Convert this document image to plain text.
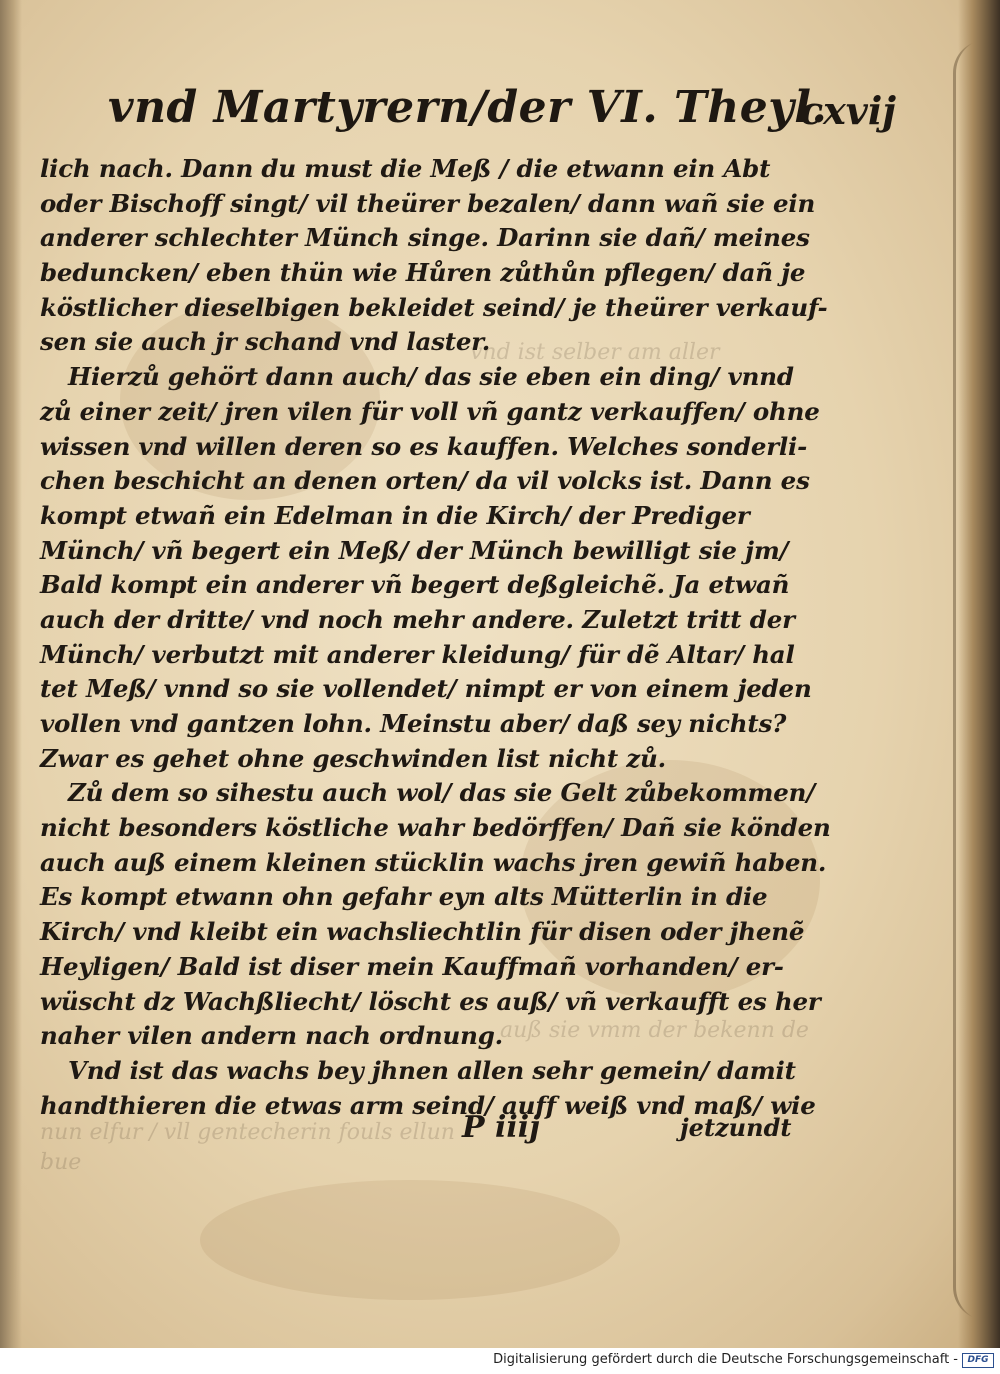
vnd ist selber am aller
auß sie vmm der bekenn de
nun elfur / vll gentecherin fouls ellun
bue
vnd Martyrern/der VI. Theyl.
cxvij
lich nach. Dann du must die Meß / die etwann ein Abt
oder Bischoff singt/ vil theürer bezalen/ dann wañ sie ein
anderer schlechter Münch singe. Darinn sie dañ/ meines
beduncken/ eben thün wie Hůren zůthůn pflegen/ dañ je
köstlicher dieselbigen bekleidet seind/ je theürer verkauf-
sen sie auch jr schand vnd laster.
Hierzů gehört dann auch/ das sie eben ein ding/ vnnd
zů einer zeit/ jren vilen für voll vñ gantz verkauffen/ ohne
wissen vnd willen deren so es kauffen. Welches sonderli-
chen beschicht an denen orten/ da vil volcks ist. Dann es
kompt etwañ ein Edelman in die Kirch/ der Prediger
Münch/ vñ begert ein Meß/ der Münch bewilligt sie jm/
Bald kompt ein anderer vñ begert deßgleichẽ. Ja etwañ
auch der dritte/ vnd noch mehr andere. Zuletzt tritt der
Münch/ verbutzt mit anderer kleidung/ für dẽ Altar/ hal
tet Meß/ vnnd so sie vollendet/ nimpt er von einem jeden
vollen vnd gantzen lohn. Meinstu aber/ daß sey nichts?
Zwar es gehet ohne geschwinden list nicht zů.
Zů dem so sihestu auch wol/ das sie Gelt zůbekommen/
nicht besonders köstliche wahr bedörffen/ Dañ sie könden
auch auß einem kleinen stücklin wachs jren gewiñ haben.
Es kompt etwann ohn gefahr eyn alts Mütterlin in die
Kirch/ vnd kleibt ein wachsliechtlin für disen oder jhenẽ
Heyligen/ Bald ist diser mein Kauffmañ vorhanden/ er-
wüscht dz Wachßliecht/ löscht es auß/ vñ verkaufft es her
naher vilen andern nach ordnung.
Vnd ist das wachs bey jhnen allen sehr gemein/ damit
handthieren die etwas arm seind/ auff weiß vnd maß/ wie
P iiij	jetzundt
Digitalisierung gefördert durch die Deutsche Forschungsgemeinschaft -	DFG
